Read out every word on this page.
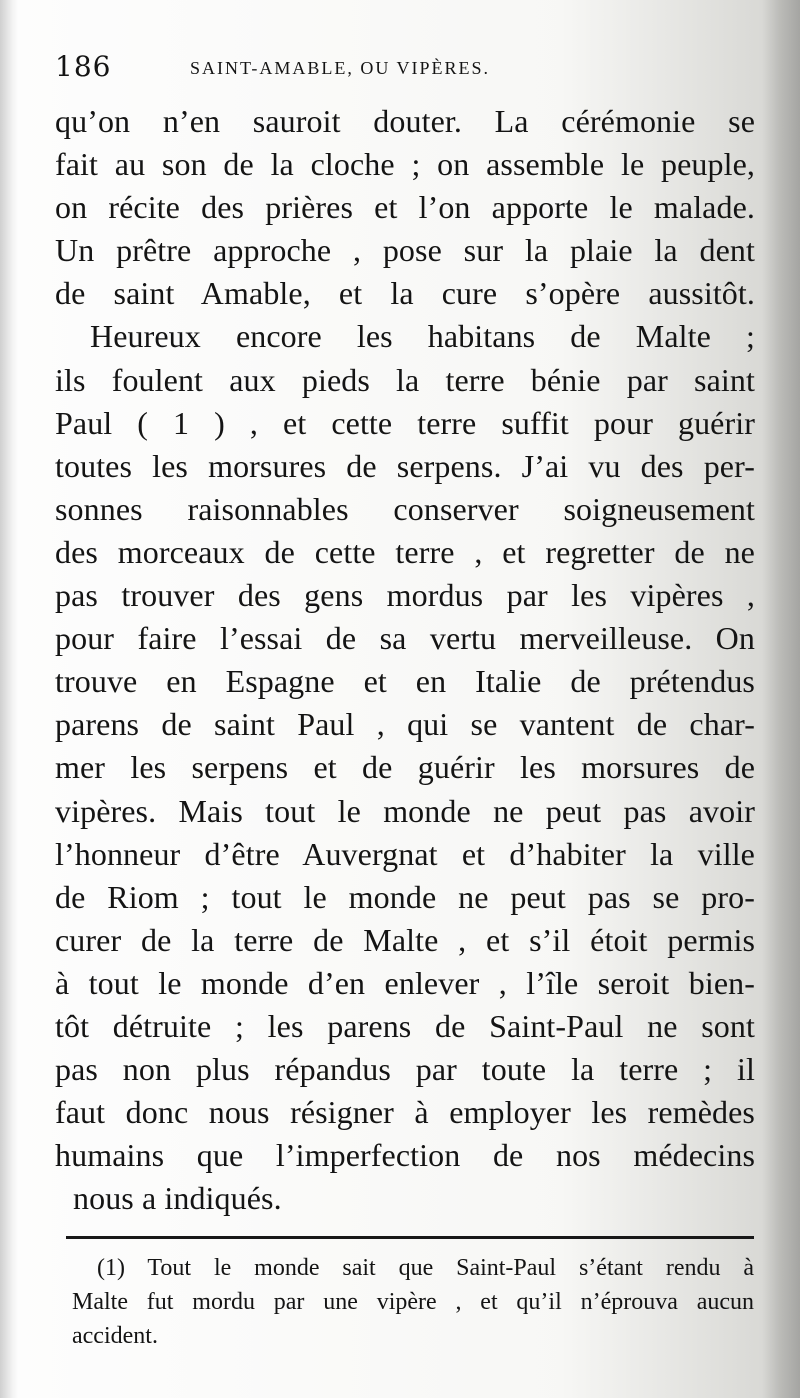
186	SAINT-AMABLE, OU VIPÈRES.
qu’on n’en sauroit douter. La cérémonie se
fait au son de la cloche ; on assemble le peuple,
on récite des prières et l’on apporte le malade.
Un prêtre approche , pose sur la plaie la dent
de saint Amable, et la cure s’opère aussitôt.
Heureux encore les habitans de Malte ;
ils foulent aux pieds la terre bénie par saint
Paul ( 1 ) , et cette terre suffit pour guérir
toutes les morsures de serpens. J’ai vu des per-
sonnes raisonnables conserver soigneusement
des morceaux de cette terre , et regretter de ne
pas trouver des gens mordus par les vipères ,
pour faire l’essai de sa vertu merveilleuse. On
trouve en Espagne et en Italie de prétendus
parens de saint Paul , qui se vantent de char-
mer les serpens et de guérir les morsures de
vipères. Mais tout le monde ne peut pas avoir
l’honneur d’être Auvergnat et d’habiter la ville
de Riom ; tout le monde ne peut pas se pro-
curer de la terre de Malte , et s’il étoit permis
à tout le monde d’en enlever , l’île seroit bien-
tôt détruite ; les parens de Saint-Paul ne sont
pas non plus répandus par toute la terre ; il
faut donc nous résigner à employer les remèdes
humains que l’imperfection de nos médecins
nous a indiqués.
(1) Tout le monde sait que Saint-Paul s’étant rendu à
Malte fut mordu par une vipère , et qu’il n’éprouva aucun
accident.
